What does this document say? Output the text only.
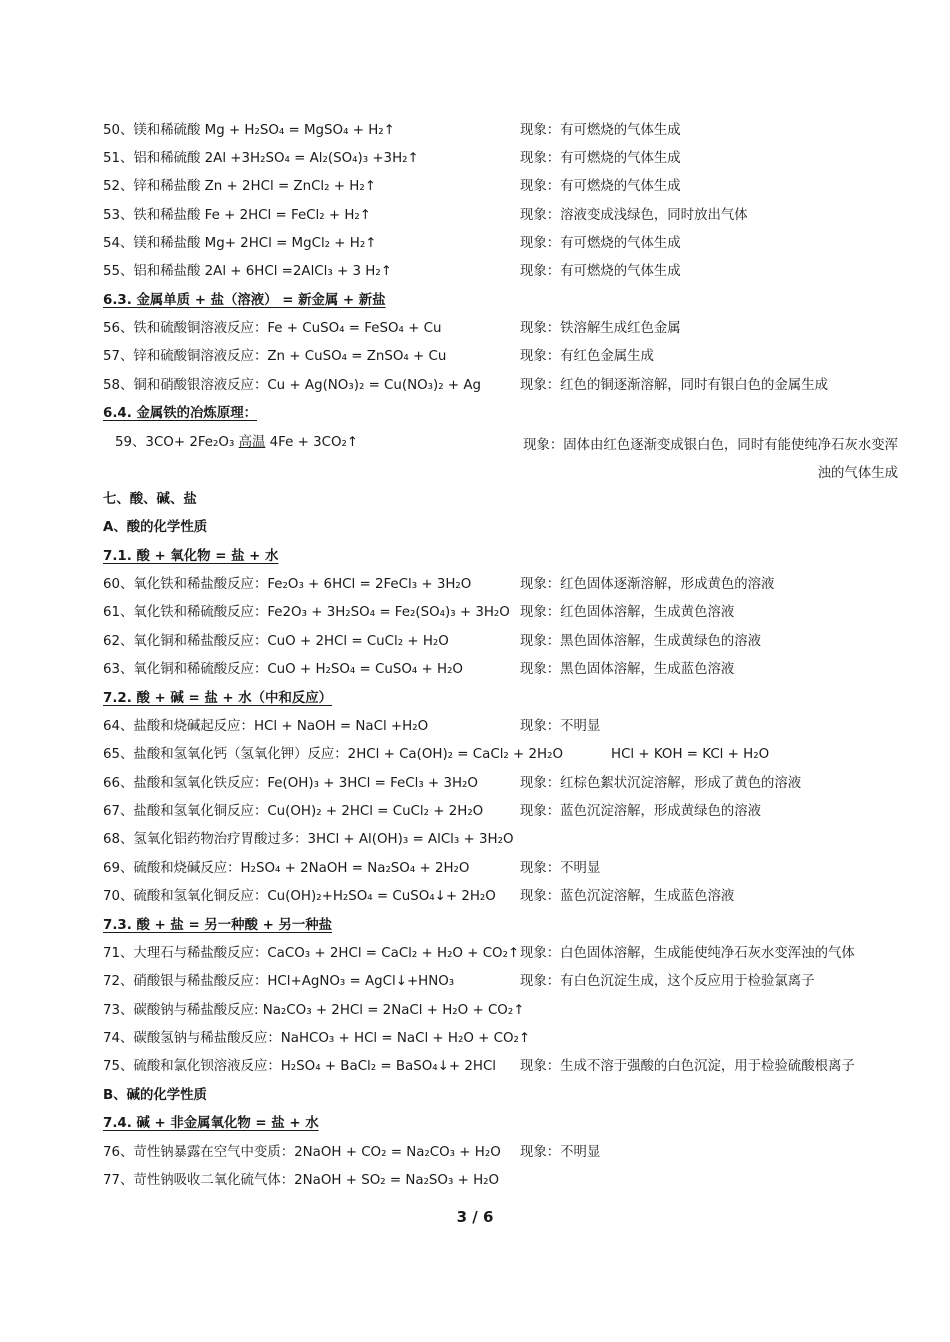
50、镁和稀硫酸 Mg + H₂SO₄ = MgSO₄ + H₂↑	现象：有可燃烧的气体生成
51、铝和稀硫酸 2Al +3H₂SO₄ = Al₂(SO₄)₃ +3H₂↑	现象：有可燃烧的气体生成
52、锌和稀盐酸 Zn + 2HCl = ZnCl₂ + H₂↑	现象：有可燃烧的气体生成
53、铁和稀盐酸 Fe + 2HCl = FeCl₂ + H₂↑	现象：溶液变成浅绿色，同时放出气体
54、镁和稀盐酸 Mg+ 2HCl = MgCl₂ + H₂↑	现象：有可燃烧的气体生成
55、铝和稀盐酸 2Al + 6HCl =2AlCl₃ + 3 H₂↑	现象：有可燃烧的气体生成
6.3. 金属单质 + 盐（溶液） = 新金属 + 新盐
56、铁和硫酸铜溶液反应：Fe + CuSO₄ = FeSO₄ + Cu	现象：铁溶解生成红色金属
57、锌和硫酸铜溶液反应：Zn + CuSO₄ = ZnSO₄ + Cu	现象：有红色金属生成
58、铜和硝酸银溶液反应：Cu + Ag(NO₃)₂ = Cu(NO₃)₂ + Ag	现象：红色的铜逐渐溶解，同时有银白色的金属生成
6.4. 金属铁的冶炼原理：
59、3CO+ 2Fe₂O₃ 高温 4Fe + 3CO₂↑	现象：固体由红色逐渐变成银白色，同时有能使纯净石灰水变浑浊的气体生成
七、酸、碱、盐
A、酸的化学性质
7.1. 酸 + 氧化物 = 盐 + 水
60、氧化铁和稀盐酸反应：Fe₂O₃ + 6HCl = 2FeCl₃ + 3H₂O	现象：红色固体逐渐溶解，形成黄色的溶液
61、氧化铁和稀硫酸反应：Fe2O₃ + 3H₂SO₄ = Fe₂(SO₄)₃ + 3H₂O 现象：红色固体溶解，生成黄色溶液
62、氧化铜和稀盐酸反应：CuO + 2HCl = CuCl₂ + H₂O	现象：黑色固体溶解，生成黄绿色的溶液
63、氧化铜和稀硫酸反应：CuO + H₂SO₄ = CuSO₄ + H₂O	现象：黑色固体溶解，生成蓝色溶液
7.2. 酸 + 碱 = 盐 + 水（中和反应）
64、盐酸和烧碱起反应：HCl + NaOH = NaCl +H₂O	现象：不明显
65、盐酸和氢氧化钙（氢氧化钾）反应：2HCl + Ca(OH)₂ = CaCl₂ + 2H₂O	HCl + KOH = KCl + H₂O
66、盐酸和氢氧化铁反应：Fe(OH)₃ + 3HCl = FeCl₃ + 3H₂O	现象：红棕色絮状沉淀溶解，形成了黄色的溶液
67、盐酸和氢氧化铜反应：Cu(OH)₂ + 2HCl = CuCl₂ + 2H₂O	现象：蓝色沉淀溶解，形成黄绿色的溶液
68、氢氧化铝药物治疗胃酸过多：3HCl + Al(OH)₃ = AlCl₃ + 3H₂O
69、硫酸和烧碱反应：H₂SO₄ + 2NaOH = Na₂SO₄ + 2H₂O	现象：不明显
70、硫酸和氢氧化铜反应：Cu(OH)₂+H₂SO₄ = CuSO₄↓+ 2H₂O 现象：蓝色沉淀溶解，生成蓝色溶液
7.3. 酸 + 盐 = 另一种酸 + 另一种盐
71、大理石与稀盐酸反应：CaCO₃ + 2HCl = CaCl₂ + H₂O + CO₂↑ 现象：白色固体溶解，生成能使纯净石灰水变浑浊的气体
72、硝酸银与稀盐酸反应：HCl+AgNO₃ = AgCl↓+HNO₃	现象：有白色沉淀生成，这个反应用于检验氯离子
73、碳酸钠与稀盐酸反应: Na₂CO₃ + 2HCl = 2NaCl + H₂O + CO₂↑
74、碳酸氢钠与稀盐酸反应：NaHCO₃ + HCl = NaCl + H₂O + CO₂↑
75、硫酸和氯化钡溶液反应：H₂SO₄ + BaCl₂ = BaSO₄↓+ 2HCl 现象：生成不溶于强酸的白色沉淀，用于检验硫酸根离子
B、碱的化学性质
7.4. 碱 + 非金属氧化物 = 盐 + 水
76、苛性钠暴露在空气中变质：2NaOH + CO₂ = Na₂CO₃ + H₂O 现象：不明显
77、苛性钠吸收二氧化硫气体：2NaOH + SO₂ = Na₂SO₃ + H₂O
3 / 6
